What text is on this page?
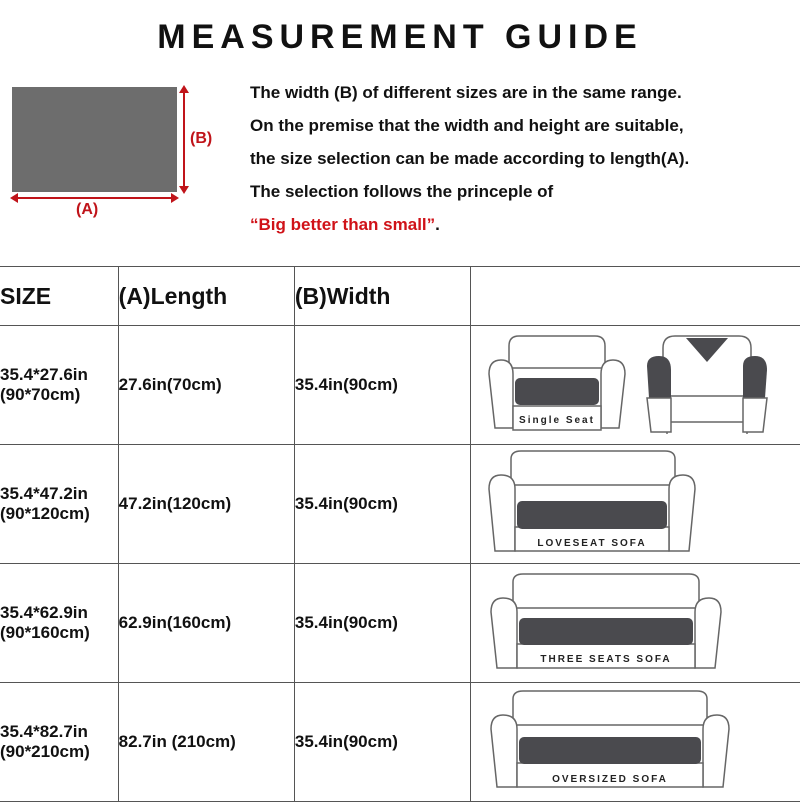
MEASUREMENT GUIDE
(A)
(B)

The width (B) of different sizes are in the same range.

On the premise that the width and height are suitable,

the size selection can be made according to length(A).

The selection follows the princeple of

“Big better than small”.

SIZE	(A)Length	(B)Width	

35.4*27.6in
(90*70cm)	27.6in(70cm)	35.4in(90cm)	Single Seat

35.4*47.2in
(90*120cm)	47.2in(120cm)	35.4in(90cm)	LOVESEAT SOFA

35.4*62.9in
(90*160cm)	62.9in(160cm)	35.4in(90cm)	THREE SEATS SOFA

35.4*82.7in
(90*210cm)	82.7in (210cm)	35.4in(90cm)	OVERSIZED SOFA
